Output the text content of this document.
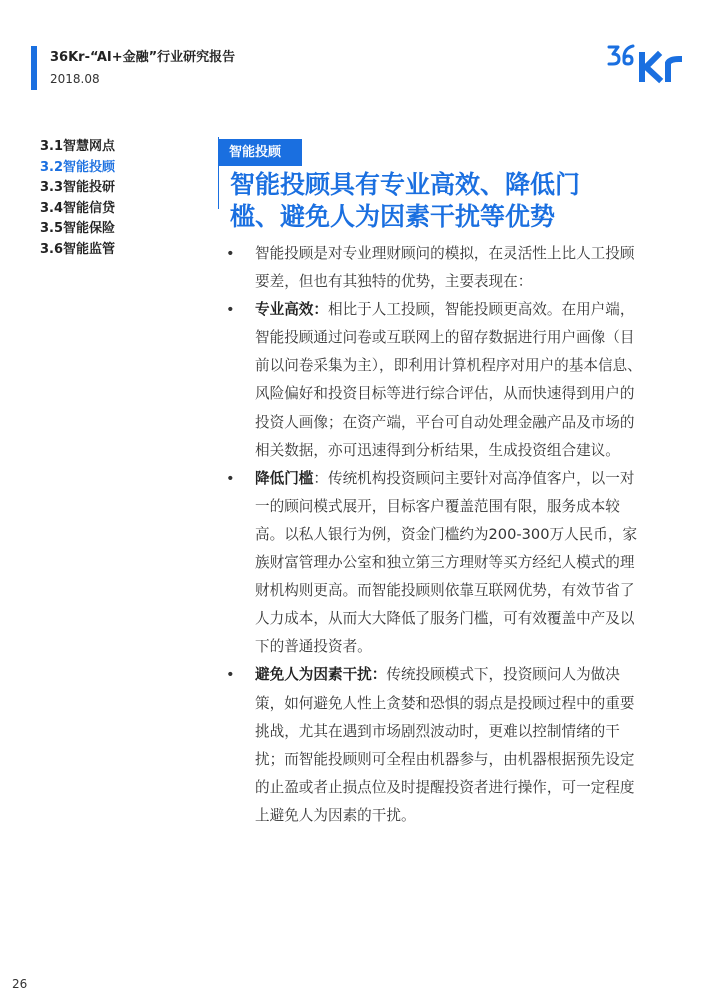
36Kr-“AI+金融”行业研究报告
2018.08
3.1智慧网点
3.2智能投顾
3.3智能投研
3.4智能信贷
3.5智能保险
3.6智能监管
智能投顾
智能投顾具有专业高效、降低门
槛、避免人为因素干扰等优势
• 智能投顾是对专业理财顾问的模拟，在灵活性上比人工投顾要差，但也有其独特的优势，主要表现在：
• 专业高效：相比于人工投顾，智能投顾更高效。在用户端，智能投顾通过问卷或互联网上的留存数据进行用户画像（目前以问卷采集为主），即利用计算机程序对用户的基本信息、风险偏好和投资目标等进行综合评估，从而快速得到用户的投资人画像；在资产端，平台可自动处理金融产品及市场的相关数据，亦可迅速得到分析结果，生成投资组合建议。
• 降低门槛：传统机构投资顾问主要针对高净值客户，以一对一的顾问模式展开，目标客户覆盖范围有限，服务成本较高。以私人银行为例，资金门槛约为200-300万人民币，家族财富管理办公室和独立第三方理财等买方经纪人模式的理财机构则更高。而智能投顾则依靠互联网优势，有效节省了人力成本，从而大大降低了服务门槛，可有效覆盖中产及以下的普通投资者。
• 避免人为因素干扰：传统投顾模式下，投资顾问人为做决策，如何避免人性上贪婪和恐惧的弱点是投顾过程中的重要挑战，尤其在遇到市场剧烈波动时，更难以控制情绪的干扰；而智能投顾则可全程由机器参与，由机器根据预先设定的止盈或者止损点位及时提醒投资者进行操作，可一定程度上避免人为因素的干扰。
26
